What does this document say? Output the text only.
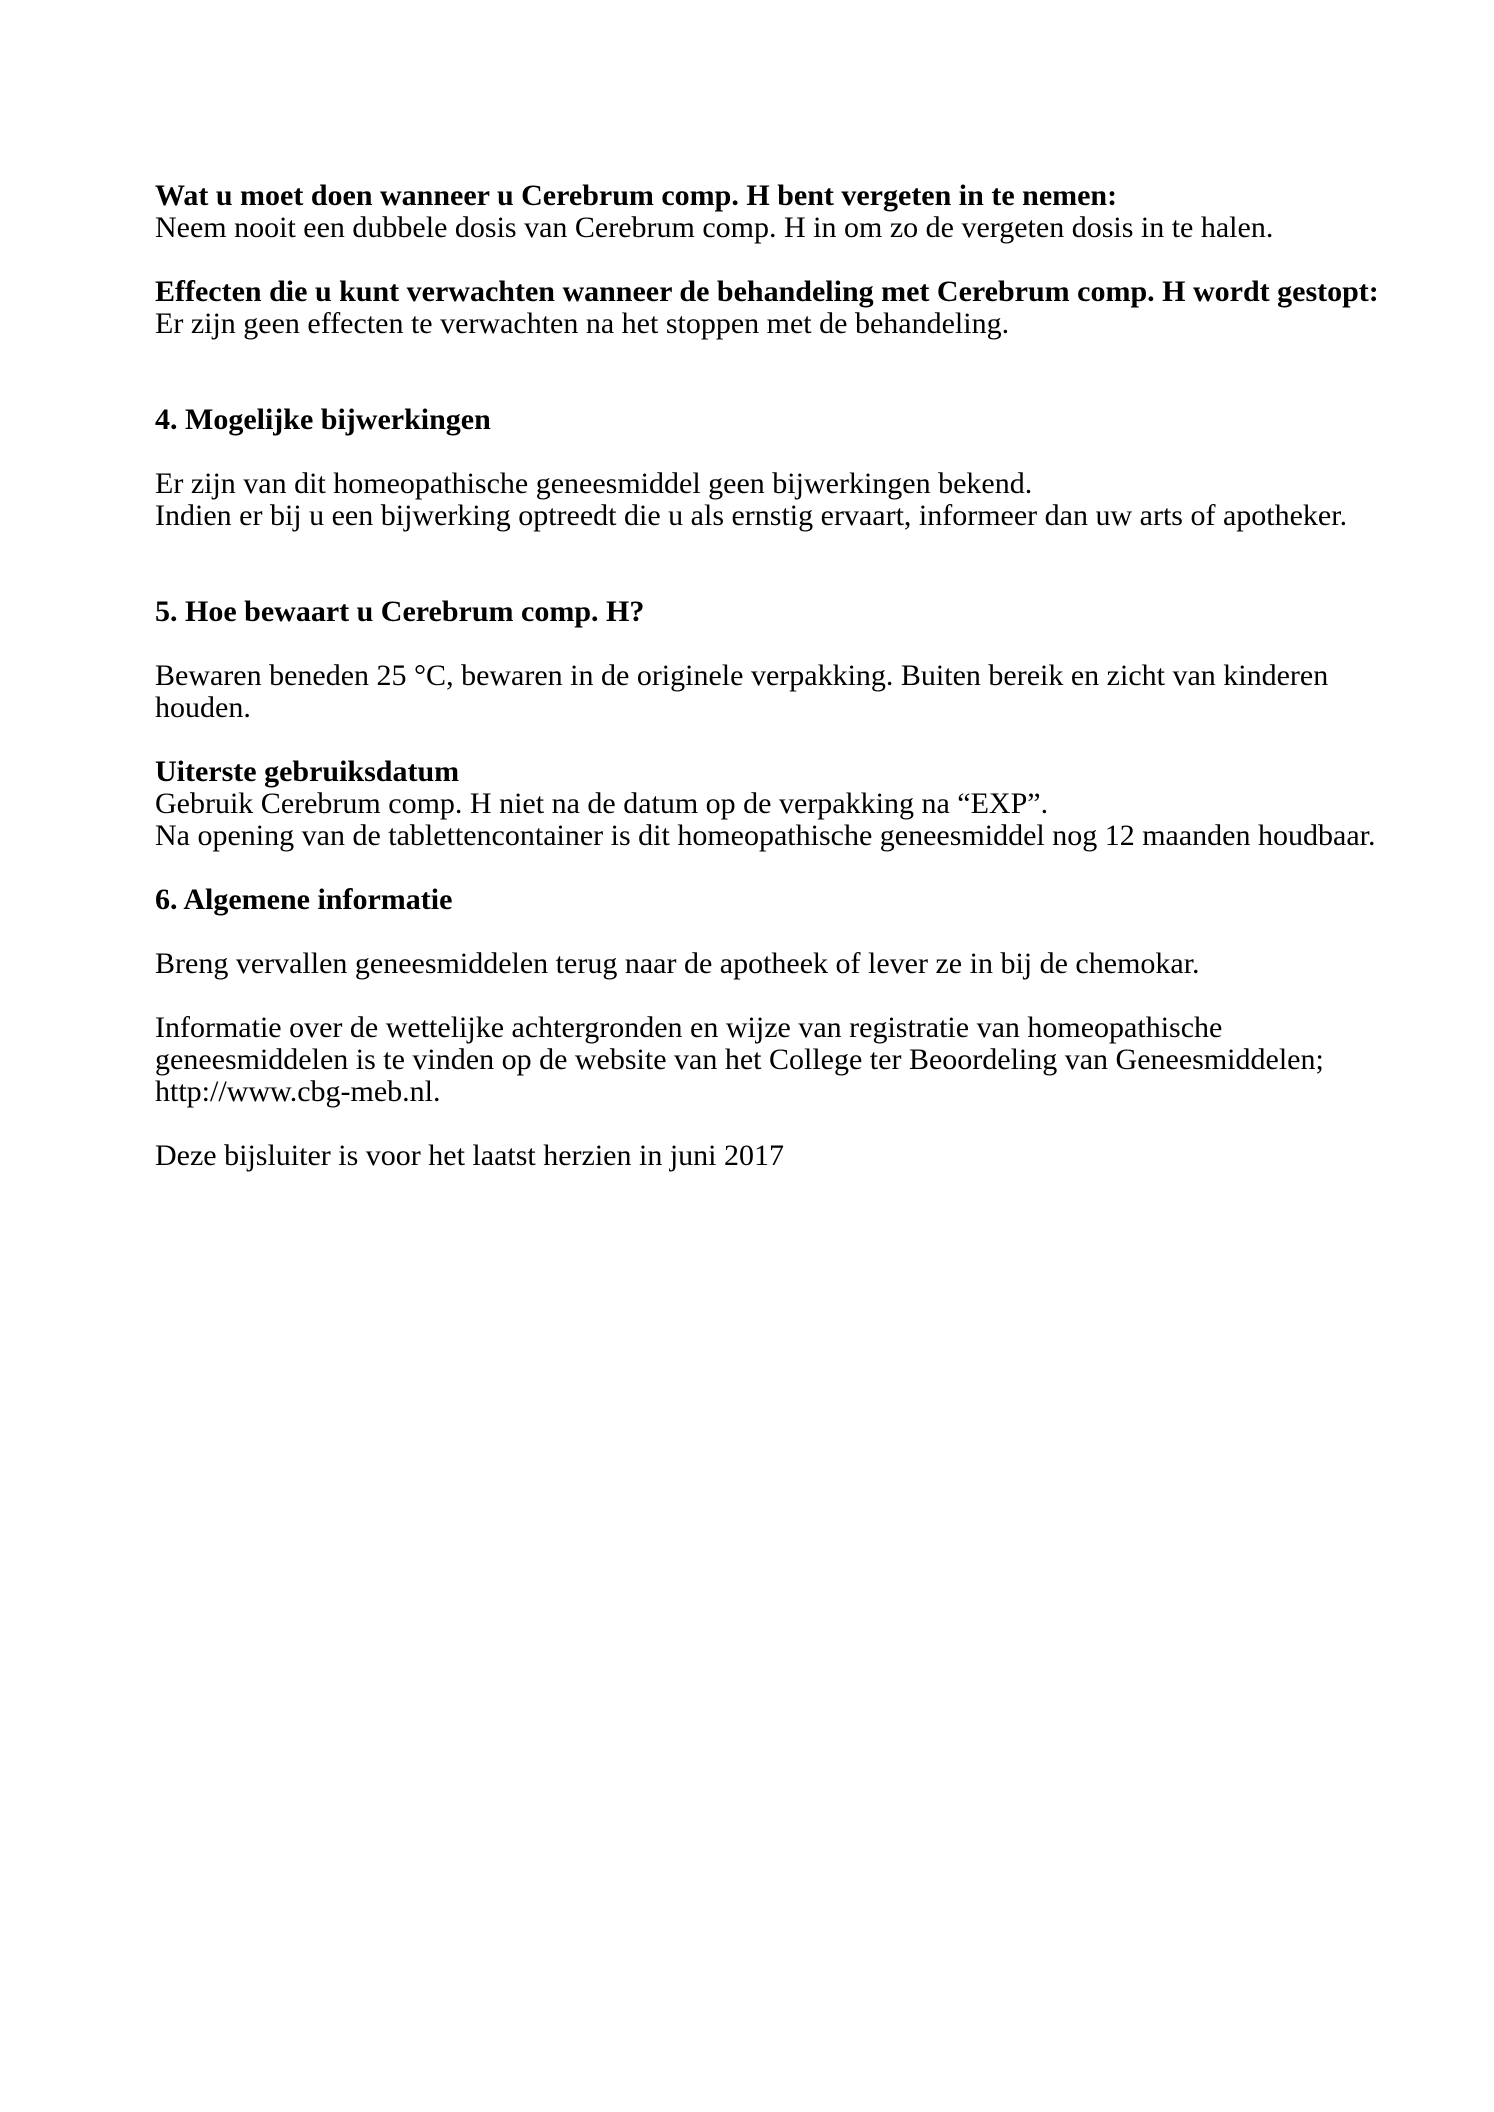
Wat u moet doen wanneer u Cerebrum comp. H bent vergeten in te nemen:
Neem nooit een dubbele dosis van Cerebrum comp. H in om zo de vergeten dosis in te halen.
Effecten die u kunt verwachten wanneer de behandeling met Cerebrum comp. H wordt gestopt:
Er zijn geen effecten te verwachten na het stoppen met de behandeling.
4. Mogelijke bijwerkingen
Er zijn van dit homeopathische geneesmiddel geen bijwerkingen bekend.
Indien er bij u een bijwerking optreedt die u als ernstig ervaart, informeer dan uw arts of apotheker.
5. Hoe bewaart u Cerebrum comp. H?
Bewaren beneden 25 °C, bewaren in de originele verpakking. Buiten bereik en zicht van kinderen
houden.
Uiterste gebruiksdatum
Gebruik Cerebrum comp. H niet na de datum op de verpakking na “EXP”.
Na opening van de tablettencontainer is dit homeopathische geneesmiddel nog 12 maanden houdbaar.
6. Algemene informatie
Breng vervallen geneesmiddelen terug naar de apotheek of lever ze in bij de chemokar.
Informatie over de wettelijke achtergronden en wijze van registratie van homeopathische
geneesmiddelen is te vinden op de website van het College ter Beoordeling van Geneesmiddelen;
http://www.cbg-meb.nl.
Deze bijsluiter is voor het laatst herzien in juni 2017
